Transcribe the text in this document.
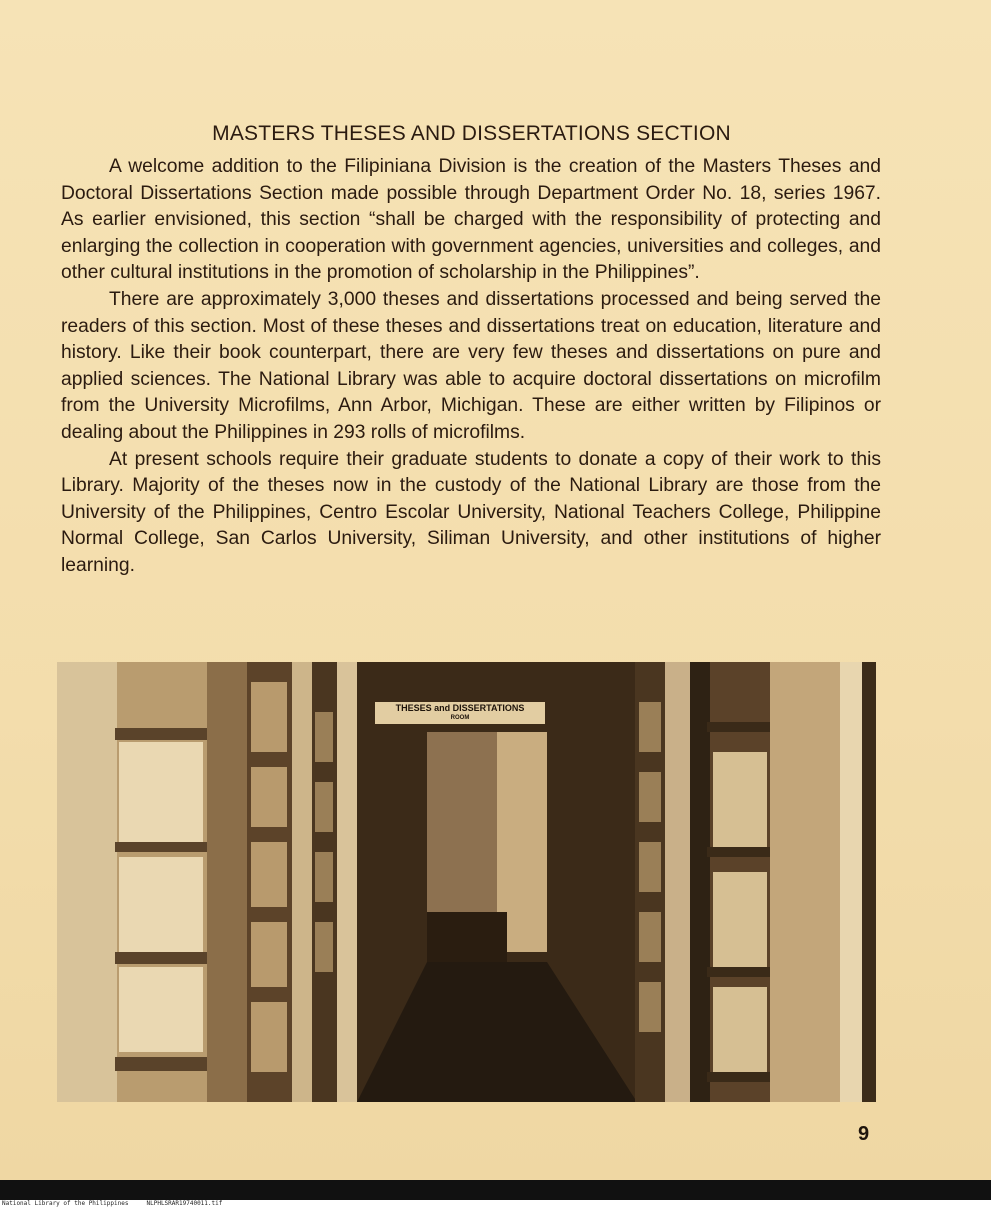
MASTERS THESES AND DISSERTATIONS SECTION

A welcome addition to the Filipiniana Division is the creation of the Masters Theses and Doctoral Dissertations Section made possible through Department Order No. 18, series 1967. As earlier envisioned, this section “shall be charged with the responsibility of protecting and enlarging the collection in cooperation with government agencies, universities and colleges, and other cultural institutions in the promotion of scholarship in the Philippines”.

There are approximately 3,000 theses and dissertations processed and being served the readers of this section. Most of these theses and dissertations treat on education, literature and history. Like their book counterpart, there are very few theses and dissertations on pure and applied sciences. The National Library was able to acquire doctoral dissertations on microfilm from the University Microfilms, Ann Arbor, Michigan. These are either written by Filipinos or dealing about the Philippines in 293 rolls of microfilms.

At present schools require their graduate students to donate a copy of their work to this Library. Majority of the theses now in the custody of the National Library are those from the University of the Philippines, Centro Escolar University, National Teachers College, Philippine Normal College, San Carlos University, Siliman University, and other institutions of higher learning.

THESES and DISSERTATIONS
ROOM
9
National Library of the Philippines     NLPHLSRAR19740011.tif
